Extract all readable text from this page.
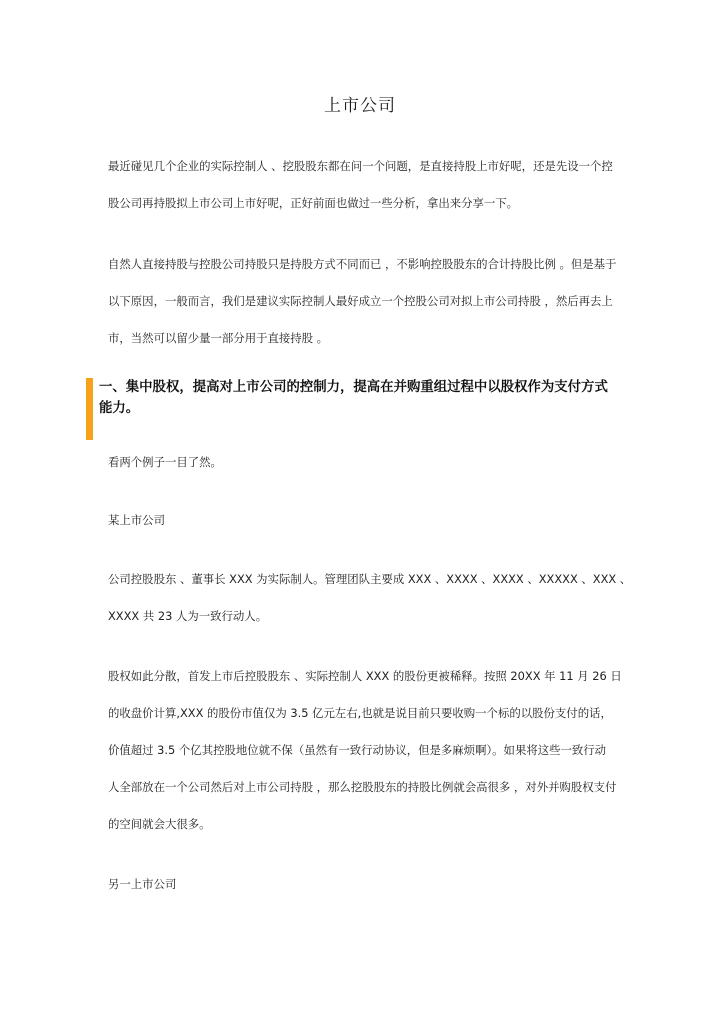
上市公司
最近碰见几个企业的实际控制人 、挖股股东都在问一个问题，是直接持股上市好呢，还是先设一个控
股公司再持股拟上市公司上市好呢，正好前面也做过一些分析，拿出来分享一下。
自然人直接持股与控股公司持股只是持股方式不同而已 ，不影响控股股东的合计持股比例 。但是基于
以下原因，一般而言，我们是建议实际控制人最好成立一个控股公司对拟上市公司持股 ，然后再去上
市，当然可以留少量一部分用于直接持股 。
一、集中股权，提高对上市公司的控制力，提高在并购重组过程中以股权作为支付方式
能力。
看两个例子一目了然。
某上市公司
公司控股股东 、董事长 XXX 为实际制人。管理团队主要成 XXX 、XXXX 、XXXX 、XXXXX 、XXX 、
XXXX 共 23 人为一致行动人。
股权如此分散，首发上市后控股股东 、实际控制人 XXX 的股份更被稀释。按照 20XX 年 11 月 26 日
的收盘价计算,XXX 的股份市值仅为 3.5 亿元左右,也就是说目前只要收购一个标的以股份支付的话，
价值超过 3.5 个亿其控股地位就不保（虽然有一致行动协议，但是多麻烦啊）。如果将这些一致行动
人全部放在一个公司然后对上市公司持股 ，那么挖股股东的持股比例就会高很多 ，对外并购股权支付
的空间就会大很多。
另一上市公司
